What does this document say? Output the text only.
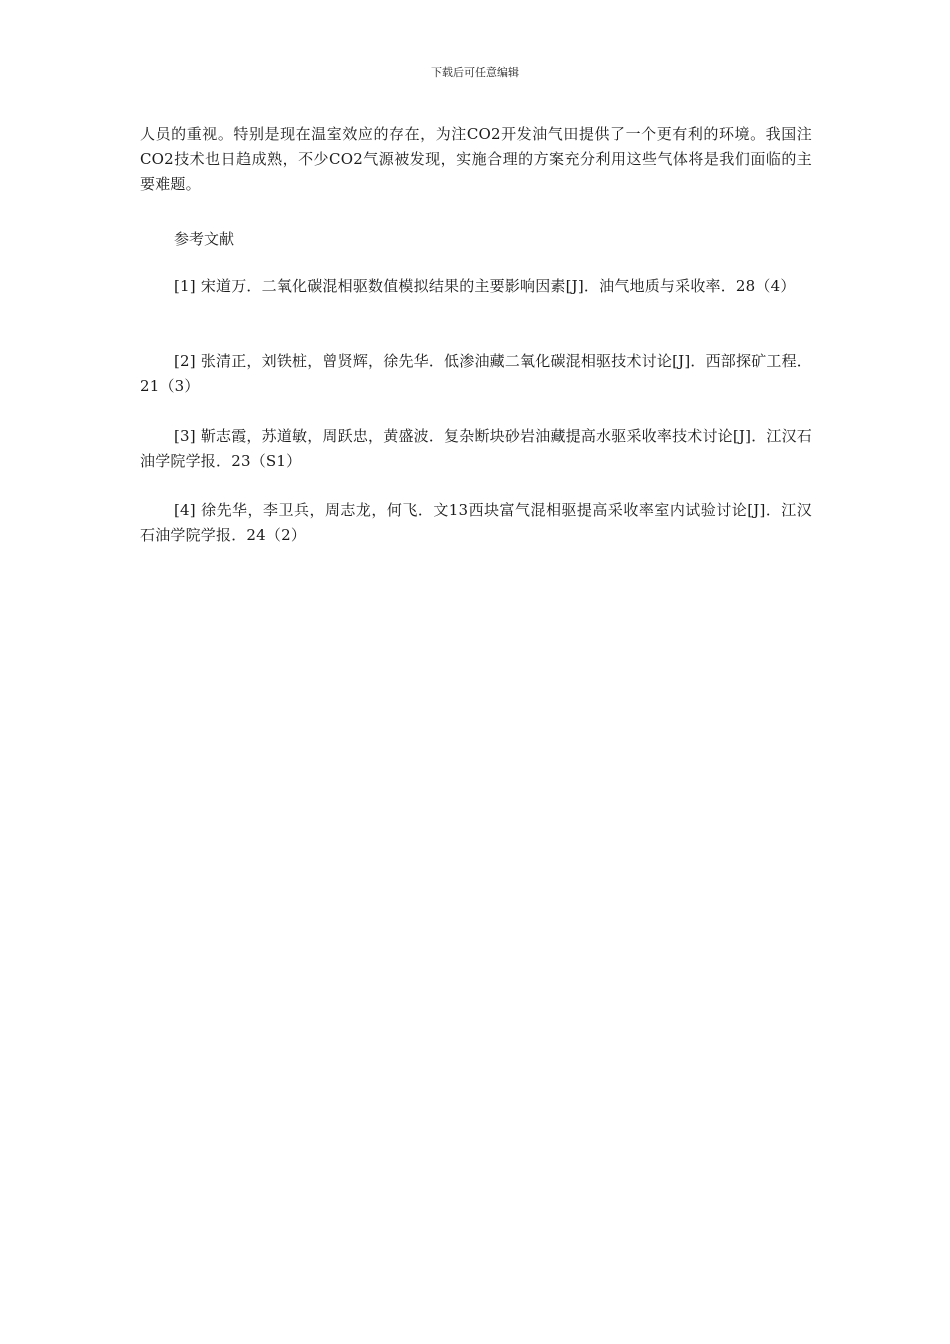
下载后可任意编辑

人员的重视。特别是现在温室效应的存在，为注CO2开发油气田提供了一个更有利的环境。我国注CO2技术也日趋成熟，不少CO2气源被发现，实施合理的方案充分利用这些气体将是我们面临的主要难题。

参考文献

[1] 宋道万．二氧化碳混相驱数值模拟结果的主要影响因素[J]．油气地质与采收率．28（4）

[2] 张清正，刘铁桩，曾贤辉，徐先华．低渗油藏二氧化碳混相驱技术讨论[J]．西部探矿工程．21（3）

[3] 靳志霞，苏道敏，周跃忠，黄盛波．复杂断块砂岩油藏提高水驱采收率技术讨论[J]．江汉石油学院学报．23（S1）

[4] 徐先华，李卫兵，周志龙，何飞．文13西块富气混相驱提高采收率室内试验讨论[J]．江汉石油学院学报．24（2）
